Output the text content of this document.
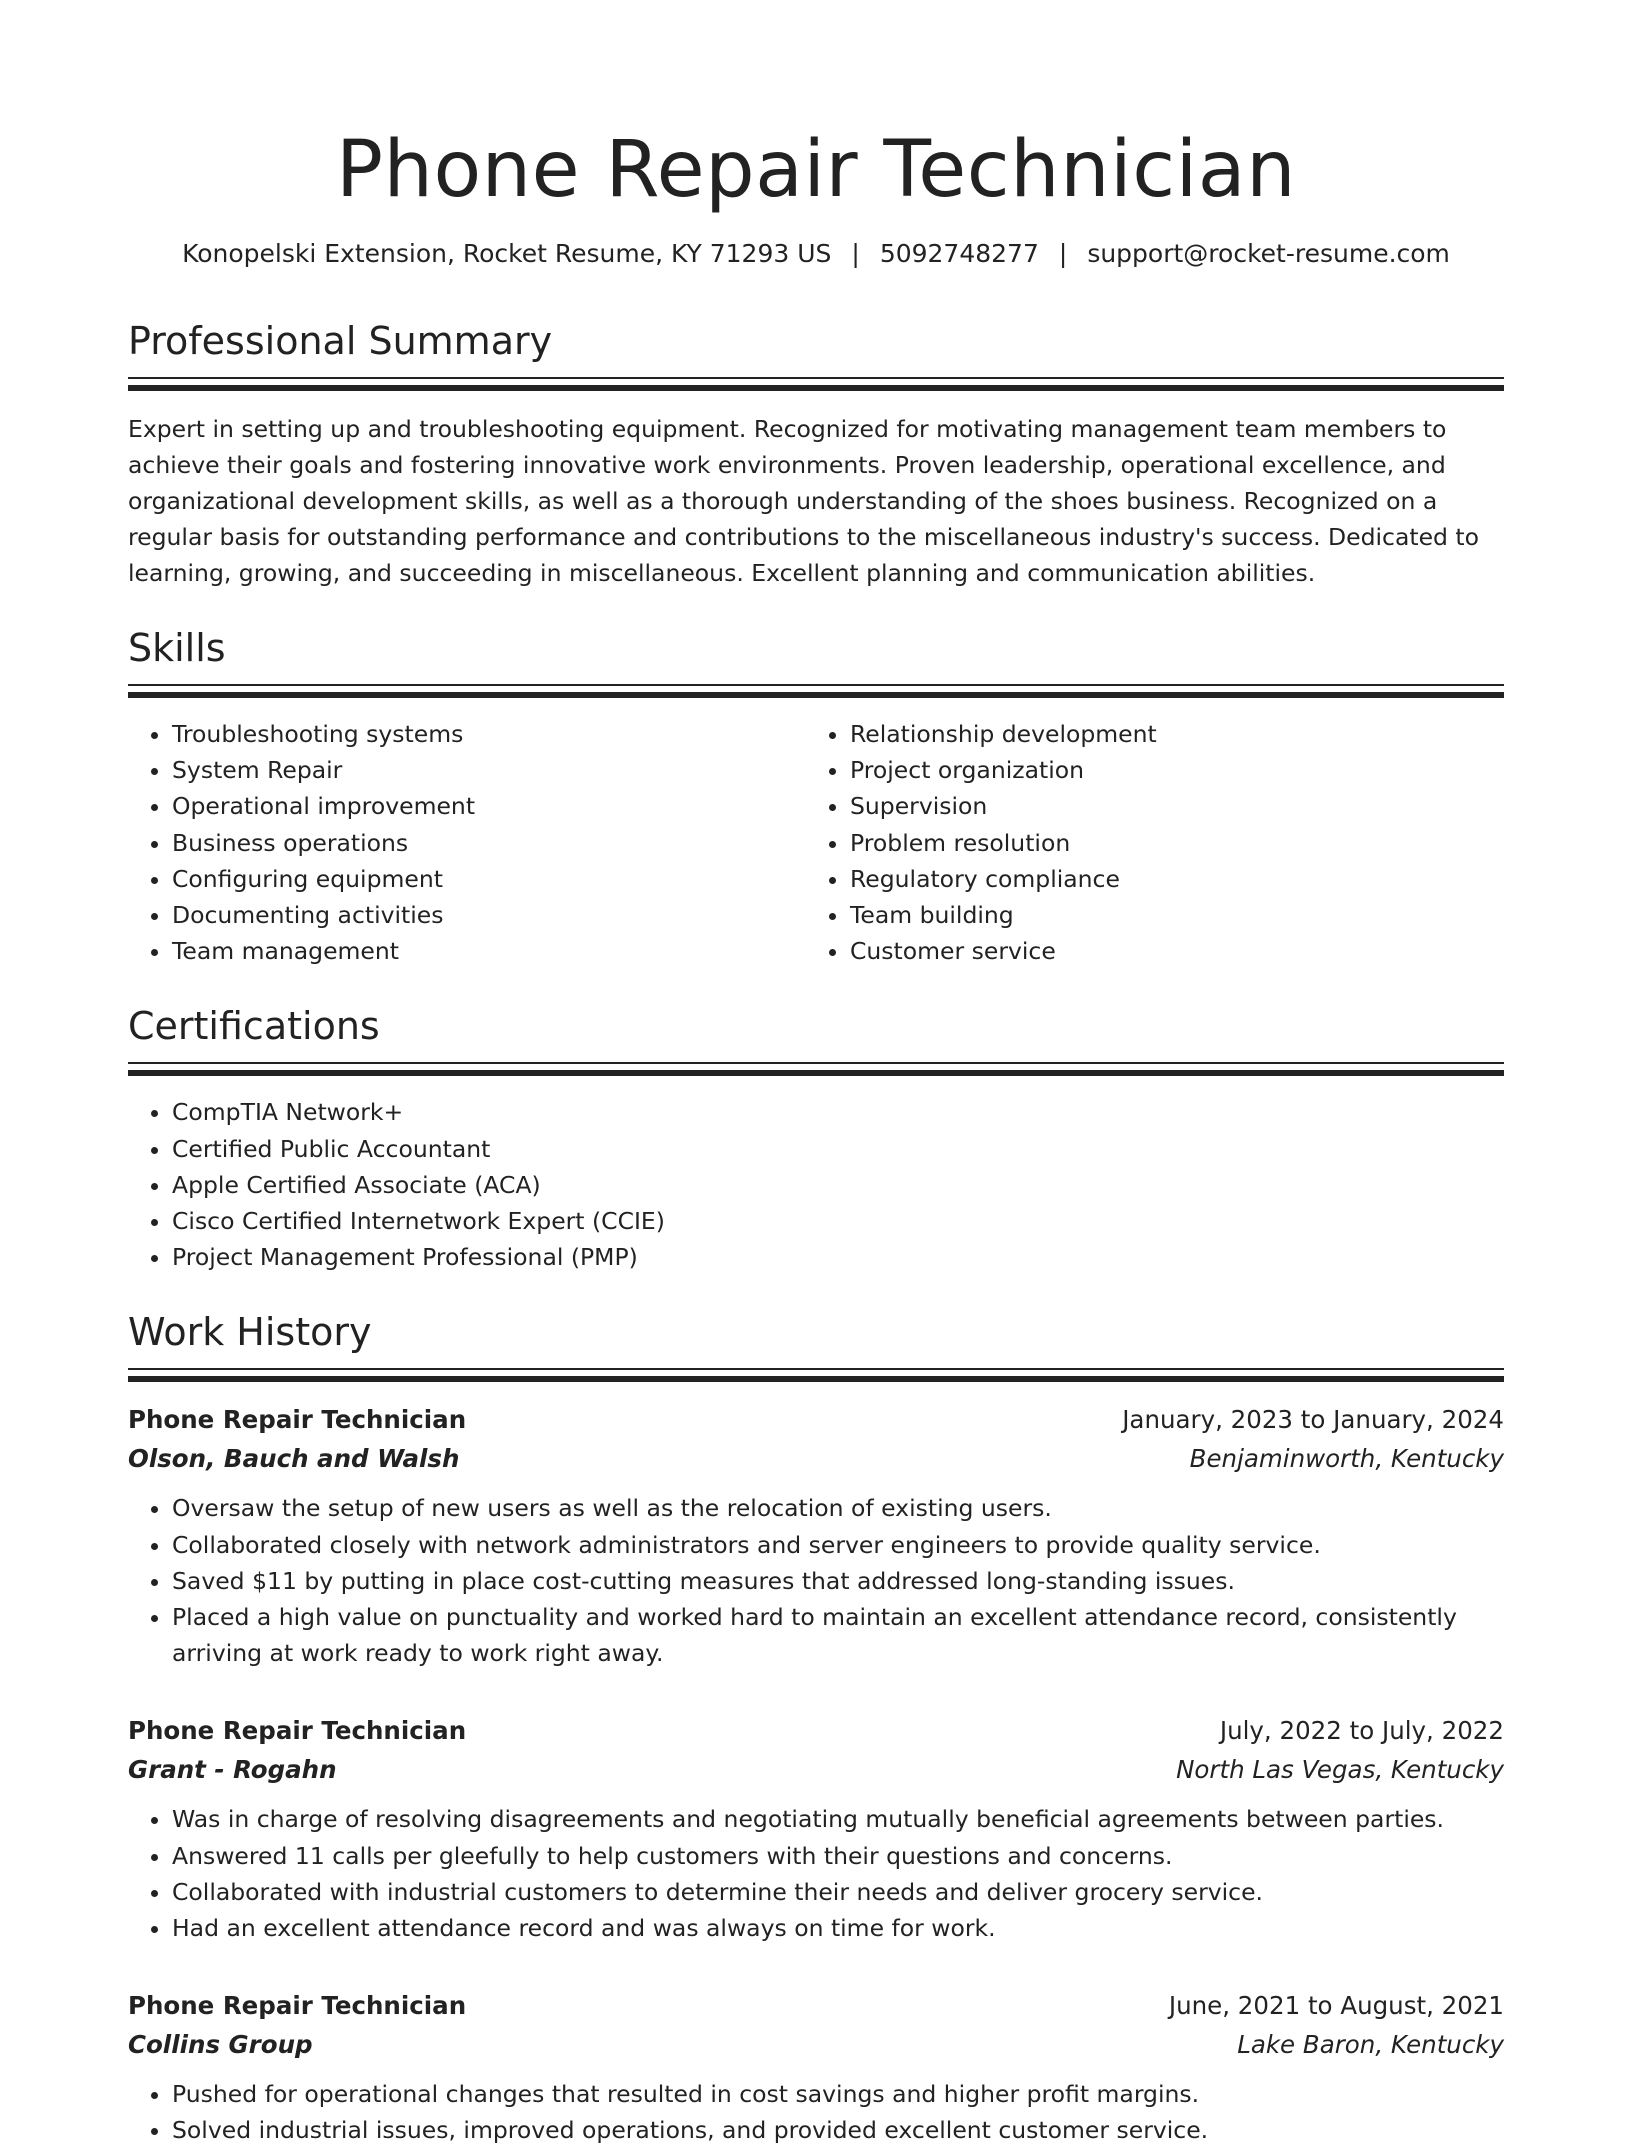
Phone Repair Technician
Konopelski Extension, Rocket Resume, KY 71293 US | 5092748277 | support@rocket-resume.com
Professional Summary

Expert in setting up and troubleshooting equipment. Recognized for motivating management team members to achieve their goals and fostering innovative work environments. Proven leadership, operational excellence, and organizational development skills, as well as a thorough understanding of the shoes business. Recognized on a regular basis for outstanding performance and contributions to the miscellaneous industry's success. Dedicated to learning, growing, and succeeding in miscellaneous. Excellent planning and communication abilities.

Skills
• Troubleshooting systems
• System Repair
• Operational improvement
• Business operations
• Configuring equipment
• Documenting activities
• Team management
• Relationship development
• Project organization
• Supervision
• Problem resolution
• Regulatory compliance
• Team building
• Customer service
Certifications
• CompTIA Network+
• Certified Public Accountant
• Apple Certified Associate (ACA)
• Cisco Certified Internetwork Expert (CCIE)
• Project Management Professional (PMP)
Work History
Phone Repair Technician	January, 2023 to January, 2024
Olson, Bauch and Walsh	Benjaminworth, Kentucky
• Oversaw the setup of new users as well as the relocation of existing users.
• Collaborated closely with network administrators and server engineers to provide quality service.
• Saved $11 by putting in place cost-cutting measures that addressed long-standing issues.
• Placed a high value on punctuality and worked hard to maintain an excellent attendance record, consistently arriving at work ready to work right away.
Phone Repair Technician	July, 2022 to July, 2022
Grant - Rogahn	North Las Vegas, Kentucky
• Was in charge of resolving disagreements and negotiating mutually beneficial agreements between parties.
• Answered 11 calls per gleefully to help customers with their questions and concerns.
• Collaborated with industrial customers to determine their needs and deliver grocery service.
• Had an excellent attendance record and was always on time for work.
Phone Repair Technician	June, 2021 to August, 2021
Collins Group	Lake Baron, Kentucky
• Pushed for operational changes that resulted in cost savings and higher profit margins.
• Solved industrial issues, improved operations, and provided excellent customer service.
